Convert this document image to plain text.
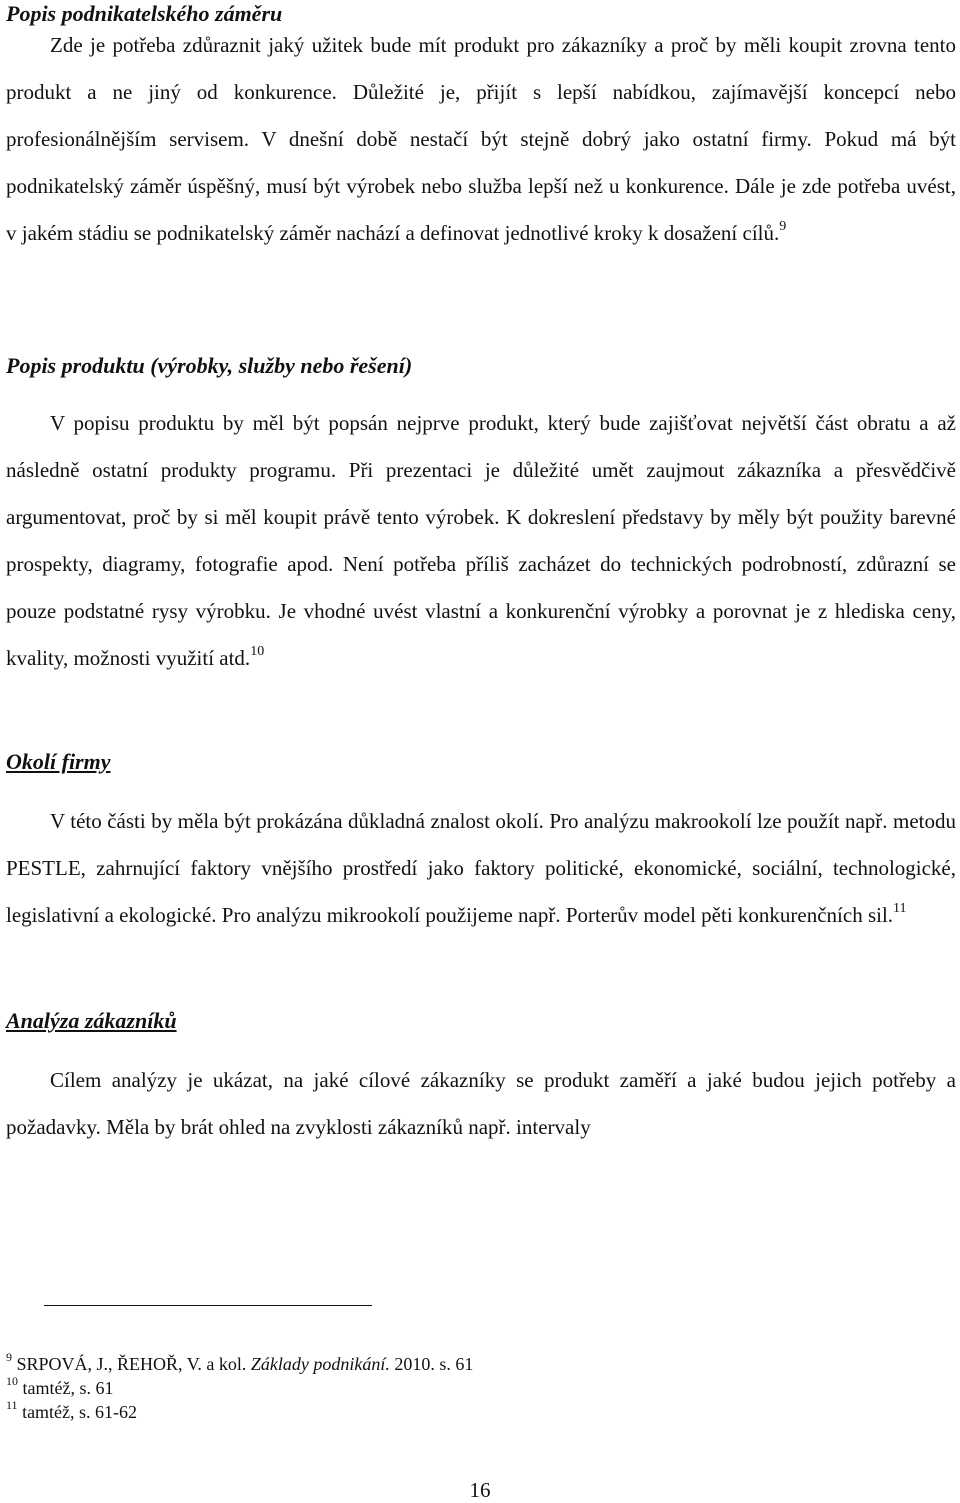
Popis podnikatelského záměru

Zde je potřeba zdůraznit jaký užitek bude mít produkt pro zákazníky a proč by měli koupit zrovna tento produkt a ne jiný od konkurence. Důležité je, přijít s lepší nabídkou, zajímavější koncepcí nebo profesionálnějším servisem. V dnešní době nestačí být stejně dobrý jako ostatní firmy. Pokud má být podnikatelský záměr úspěšný, musí být výrobek nebo služba lepší než u konkurence. Dále je zde potřeba uvést, v jakém stádiu se podnikatelský záměr nachází a definovat jednotlivé kroky k dosažení cílů.$^9$

Popis produktu (výrobky, služby nebo řešení)

V popisu produktu by měl být popsán nejprve produkt, který bude zajišťovat největší část obratu a až následně ostatní produkty programu. Při prezentaci je důležité umět zaujmout zákazníka a přesvědčivě argumentovat, proč by si měl koupit právě tento výrobek. K dokreslení představy by měly být použity barevné prospekty, diagramy, fotografie apod. Není potřeba příliš zacházet do technických podrobností, zdůrazní se pouze podstatné rysy výrobku. Je vhodné uvést vlastní a konkurenční výrobky a porovnat je z hlediska ceny, kvality, možnosti využití atd.$^{10}$

Okolí firmy

V této části by měla být prokázána důkladná znalost okolí. Pro analýzu makrookolí lze použít např. metodu PESTLE, zahrnující faktory vnějšího prostředí jako faktory politické, ekonomické, sociální, technologické, legislativní a ekologické. Pro analýzu mikrookolí použijeme např. Porterův model pěti konkurenčních sil.$^{11}$

Analýza zákazníků

Cílem analýzy je ukázat, na jaké cílové zákazníky se produkt zaměří a jaké budou jejich potřeby a požadavky. Měla by brát ohled na zvyklosti zákazníků např. intervaly

$^9$ SRPOVÁ, J., ŘEHOŘ, V. a kol. Základy podnikání. 2010. s. 61
$^{10}$ tamtéž, s. 61
$^{11}$ tamtéž, s. 61-62
16
